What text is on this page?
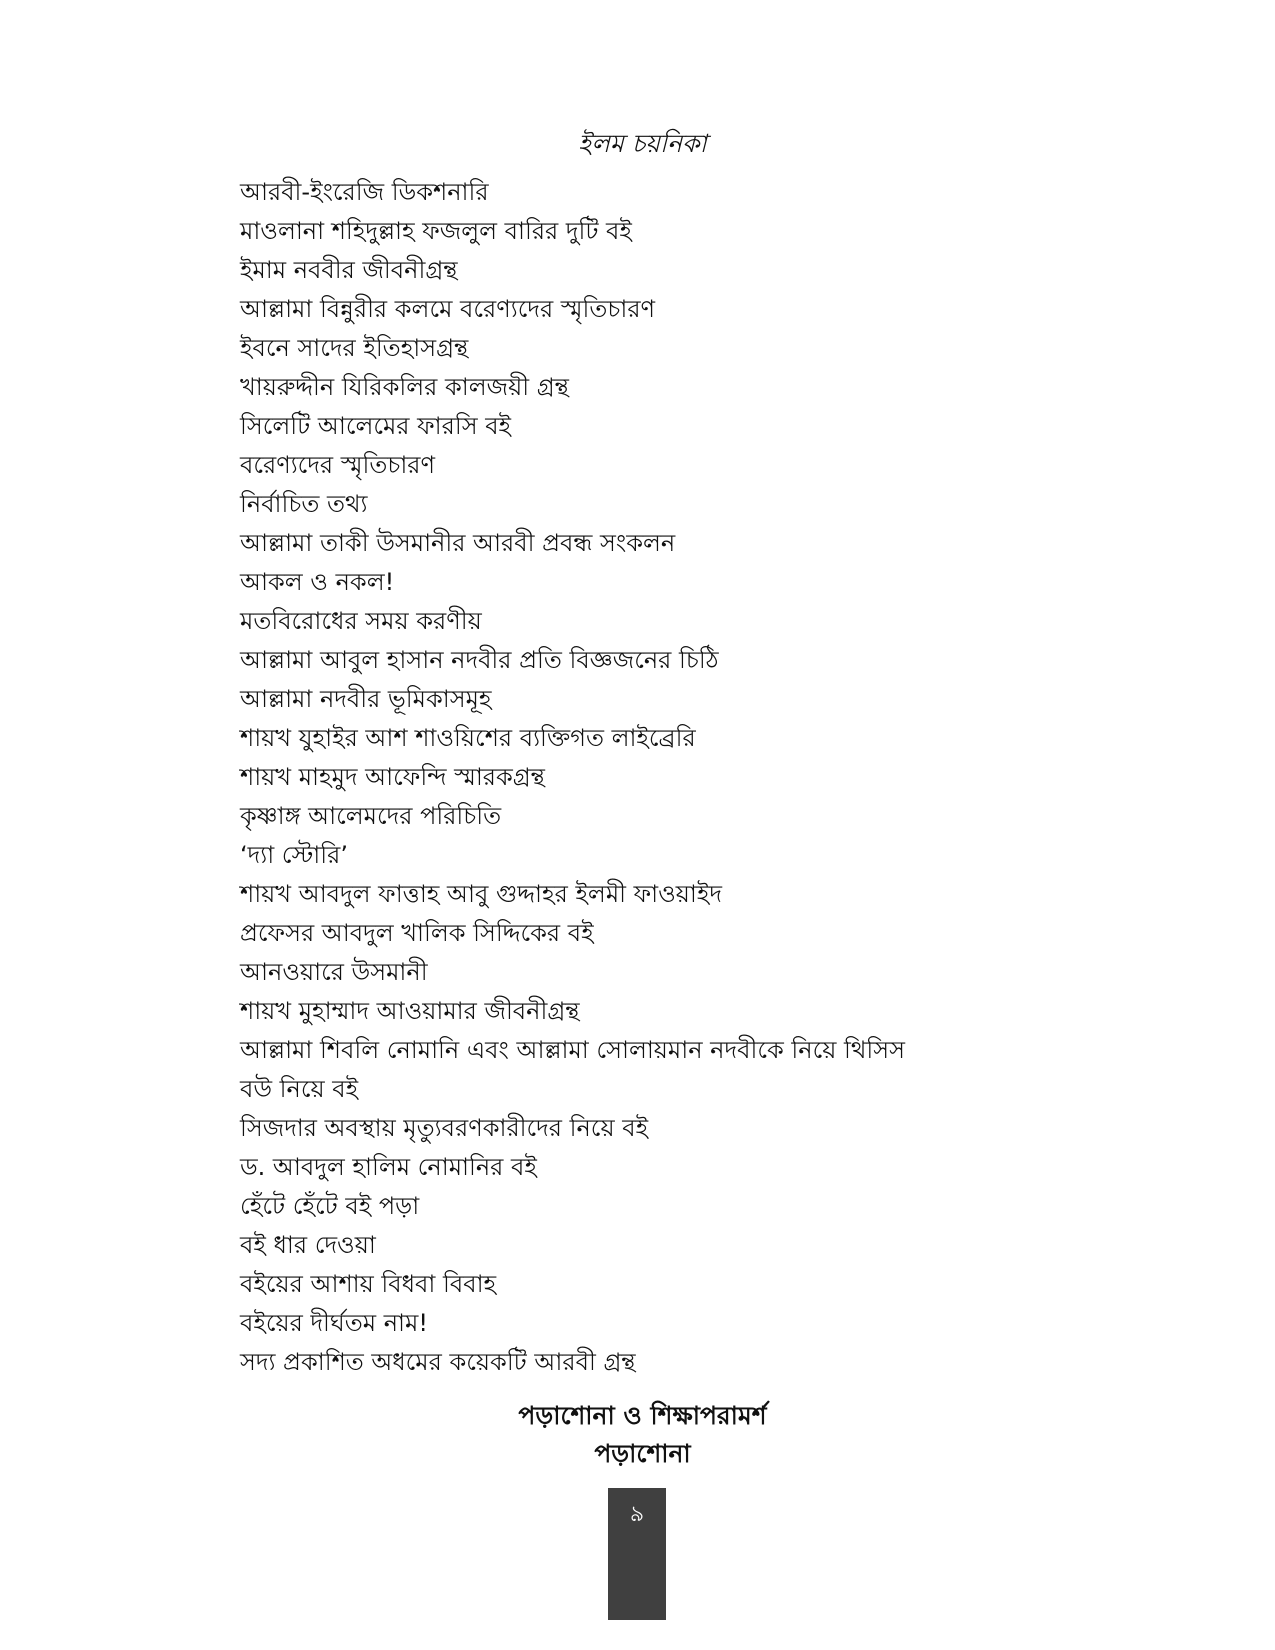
ইলম চয়নিকা
আরবী-ইংরেজি ডিকশনারি
মাওলানা শহিদুল্লাহ ফজলুল বারির দুটি বই
ইমাম নববীর জীবনীগ্রন্থ
আল্লামা বিন্নুরীর কলমে বরেণ্যদের স্মৃতিচারণ
ইবনে সাদের ইতিহাসগ্রন্থ
খায়রুদ্দীন যিরিকলির কালজয়ী গ্রন্থ
সিলেটি আলেমের ফারসি বই
বরেণ্যদের স্মৃতিচারণ
নির্বাচিত তথ্য
আল্লামা তাকী উসমানীর আরবী প্রবন্ধ সংকলন
আকল ও নকল!
মতবিরোধের সময় করণীয়
আল্লামা আবুল হাসান নদবীর প্রতি বিজ্ঞজনের চিঠি
আল্লামা নদবীর ভূমিকাসমূহ
শায়খ যুহাইর আশ শাওয়িশের ব্যক্তিগত লাইব্রেরি
শায়খ মাহমুদ আফেন্দি স্মারকগ্রন্থ
কৃষ্ণাঙ্গ আলেমদের পরিচিতি
‘দ্যা স্টোরি’
শায়খ আবদুল ফাত্তাহ আবু গুদ্দাহর ইলমী ফাওয়াইদ
প্রফেসর আবদুল খালিক সিদ্দিকের বই
আনওয়ারে উসমানী
শায়খ মুহাম্মাদ আওয়ামার জীবনীগ্রন্থ
আল্লামা শিবলি নোমানি এবং আল্লামা সোলায়মান নদবীকে নিয়ে থিসিস
বউ নিয়ে বই
সিজদার অবস্থায় মৃত্যুবরণকারীদের নিয়ে বই
ড. আবদুল হালিম নোমানির বই
হেঁটে হেঁটে বই পড়া
বই ধার দেওয়া
বইয়ের আশায় বিধবা বিবাহ
বইয়ের দীর্ঘতম নাম!
সদ্য প্রকাশিত অধমের কয়েকটি আরবী গ্রন্থ
পড়াশোনা ও শিক্ষাপরামর্শ
পড়াশোনা
৯
